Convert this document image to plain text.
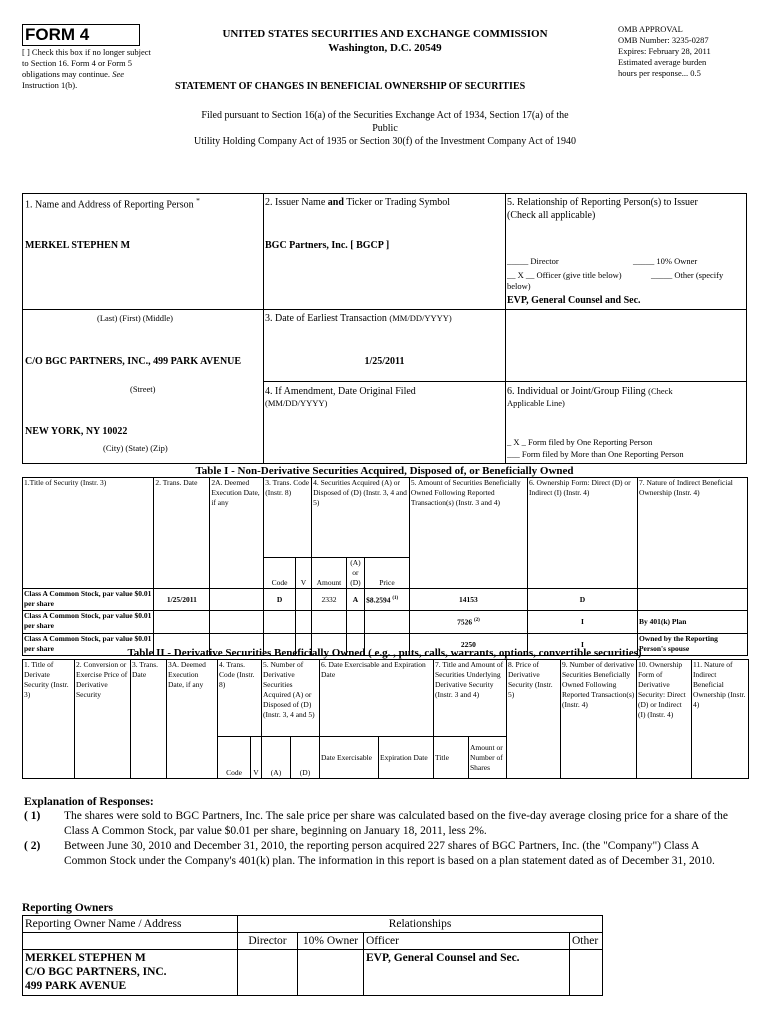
FORM 4
[ ] Check this box if no longer subject to Section 16. Form 4 or Form 5 obligations may continue. See Instruction 1(b).
UNITED STATES SECURITIES AND EXCHANGE COMMISSION
Washington, D.C. 20549
STATEMENT OF CHANGES IN BENEFICIAL OWNERSHIP OF SECURITIES
OMB APPROVAL
OMB Number: 3235-0287
Expires: February 28, 2011
Estimated average burden
hours per response... 0.5
Filed pursuant to Section 16(a) of the Securities Exchange Act of 1934, Section 17(a) of the
Public
Utility Holding Company Act of 1935 or Section 30(f) of the Investment Company Act of 1940
1. Name and Address of Reporting Person *
MERKEL STEPHEN M
(Last) (First) (Middle)
C/O BGC PARTNERS, INC., 499 PARK AVENUE
(Street)
NEW YORK, NY 10022
(City) (State) (Zip)
2. Issuer Name and Ticker or Trading Symbol
BGC Partners, Inc. [ BGCP ]
3. Date of Earliest Transaction (MM/DD/YYYY)
1/25/2011
4. If Amendment, Date Original Filed
(MM/DD/YYYY)
5. Relationship of Reporting Person(s) to Issuer
(Check all applicable)
_____ Director	_____ 10% Owner
__ X __ Officer (give title below)	_____ Other (specify
below)
EVP, General Counsel and Sec.
6. Individual or Joint/Group Filing (Check
Applicable Line)
_ X _ Form filed by One Reporting Person
___ Form filed by More than One Reporting Person
Table I - Non-Derivative Securities Acquired, Disposed of, or Beneficially Owned
1.Title of Security (Instr. 3)	2. Trans. Date	2A. Deemed Execution Date, if any	3. Trans. Code (Instr. 8)		4. Securities Acquired (A) or Disposed of (D) (Instr. 3, 4 and 5)			5. Amount of Securities Beneficially Owned Following Reported Transaction(s) (Instr. 3 and 4)	6. Ownership Form: Direct (D) or Indirect (I) (Instr. 4)	7. Nature of Indirect Beneficial Ownership (Instr. 4)
			Code	V	Amount	(A) or (D)	Price			
Class A Common Stock, par value $0.01 per share	1/25/2011		D		2332	A	$8.2594 $^{(1)}$	14153	D	
Class A Common Stock, par value $0.01 per share								7526 $^{(2)}$	I	By 401(k) Plan
Class A Common Stock, par value $0.01 per share								2250	I	Owned by the Reporting Person's spouse
Table II - Derivative Securities Beneficially Owned ( e.g. , puts, calls, warrants, options, convertible securities)
1. Title of Derivate Security (Instr. 3)	2. Conversion or Exercise Price of Derivative Security	3. Trans. Date	3A. Deemed Execution Date, if any	4. Trans. Code (Instr. 8)		5. Number of Derivative Securities Acquired (A) or Disposed of (D) (Instr. 3, 4 and 5)		6. Date Exercisable and Expiration Date		7. Title and Amount of Securities Underlying Derivative Security (Instr. 3 and 4)		8. Price of Derivative Security (Instr. 5)	9. Number of derivative Securities Beneficially Owned Following Reported Transaction(s) (Instr. 4)	10. Ownership Form of Derivative Security: Direct (D) or Indirect (I) (Instr. 4)	11. Nature of Indirect Beneficial Ownership (Instr. 4)
				Code	V	(A)	(D)	Date Exercisable	Expiration Date	Title	Amount or Number of Shares				
Explanation of Responses:
( 1)	The shares were sold to BGC Partners, Inc. The sale price per share was calculated based on the five-day average closing price for a share of the Class A Common Stock, par value $0.01 per share, beginning on January 18, 2011, less 2%.
( 2)	Between June 30, 2010 and December 31, 2010, the reporting person acquired 227 shares of BGC Partners, Inc. (the "Company") Class A Common Stock under the Company's 401(k) plan. The information in this report is based on a plan statement dated as of December 31, 2010.
Reporting Owners
Reporting Owner Name / Address	Relationships			
	Director	10% Owner	Officer	Other

MERKEL STEPHEN M
C/O BGC PARTNERS, INC.
499 PARK AVENUE			EVP, General Counsel and Sec.	
